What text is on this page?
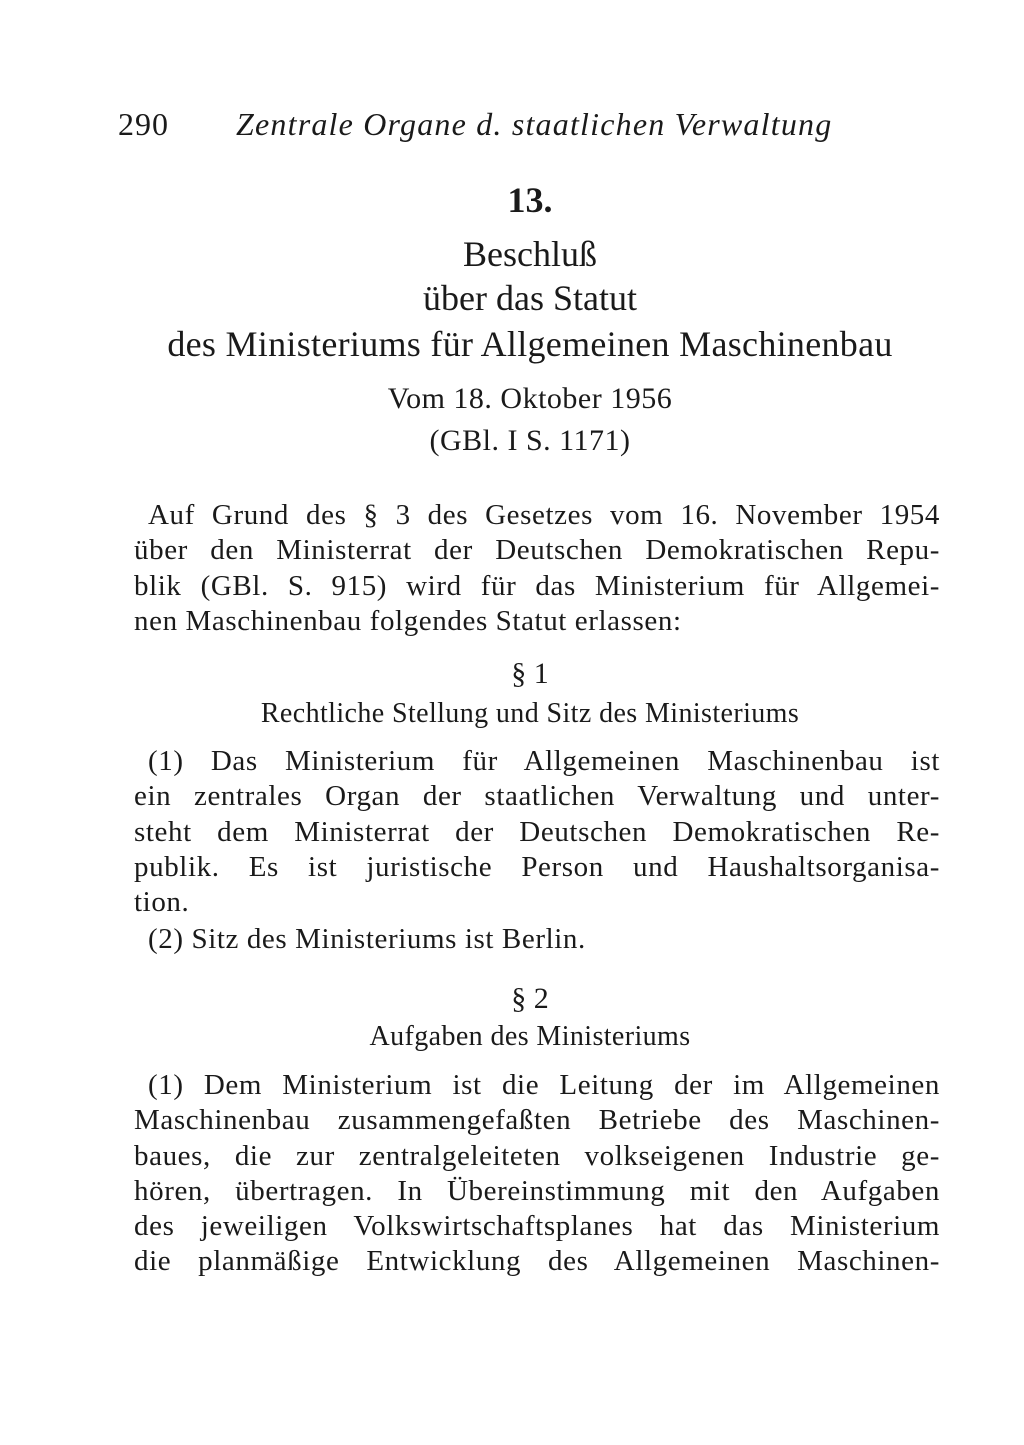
290 Zentrale Organe d. staatlichen Verwaltung
13.
Beschluß
über das Statut
des Ministeriums für Allgemeinen Maschinenbau
Vom 18. Oktober 1956
(GBl. I S. 1171)
Auf Grund des § 3 des Gesetzes vom 16. November 1954
über den Ministerrat der Deutschen Demokratischen Repu-
blik (GBl. S. 915) wird für das Ministerium für Allgemei-
nen Maschinenbau folgendes Statut erlassen:
§ 1
Rechtliche Stellung und Sitz des Ministeriums
(1) Das Ministerium für Allgemeinen Maschinenbau ist
ein zentrales Organ der staatlichen Verwaltung und unter-
steht dem Ministerrat der Deutschen Demokratischen Re-
publik. Es ist juristische Person und Haushaltsorganisa-
tion.
(2) Sitz des Ministeriums ist Berlin.
§ 2
Aufgaben des Ministeriums
(1) Dem Ministerium ist die Leitung der im Allgemeinen
Maschinenbau zusammengefaßten Betriebe des Maschinen-
baues, die zur zentralgeleiteten volkseigenen Industrie ge-
hören, übertragen. In Übereinstimmung mit den Aufgaben
des jeweiligen Volkswirtschaftsplanes hat das Ministerium
die planmäßige Entwicklung des Allgemeinen Maschinen-
